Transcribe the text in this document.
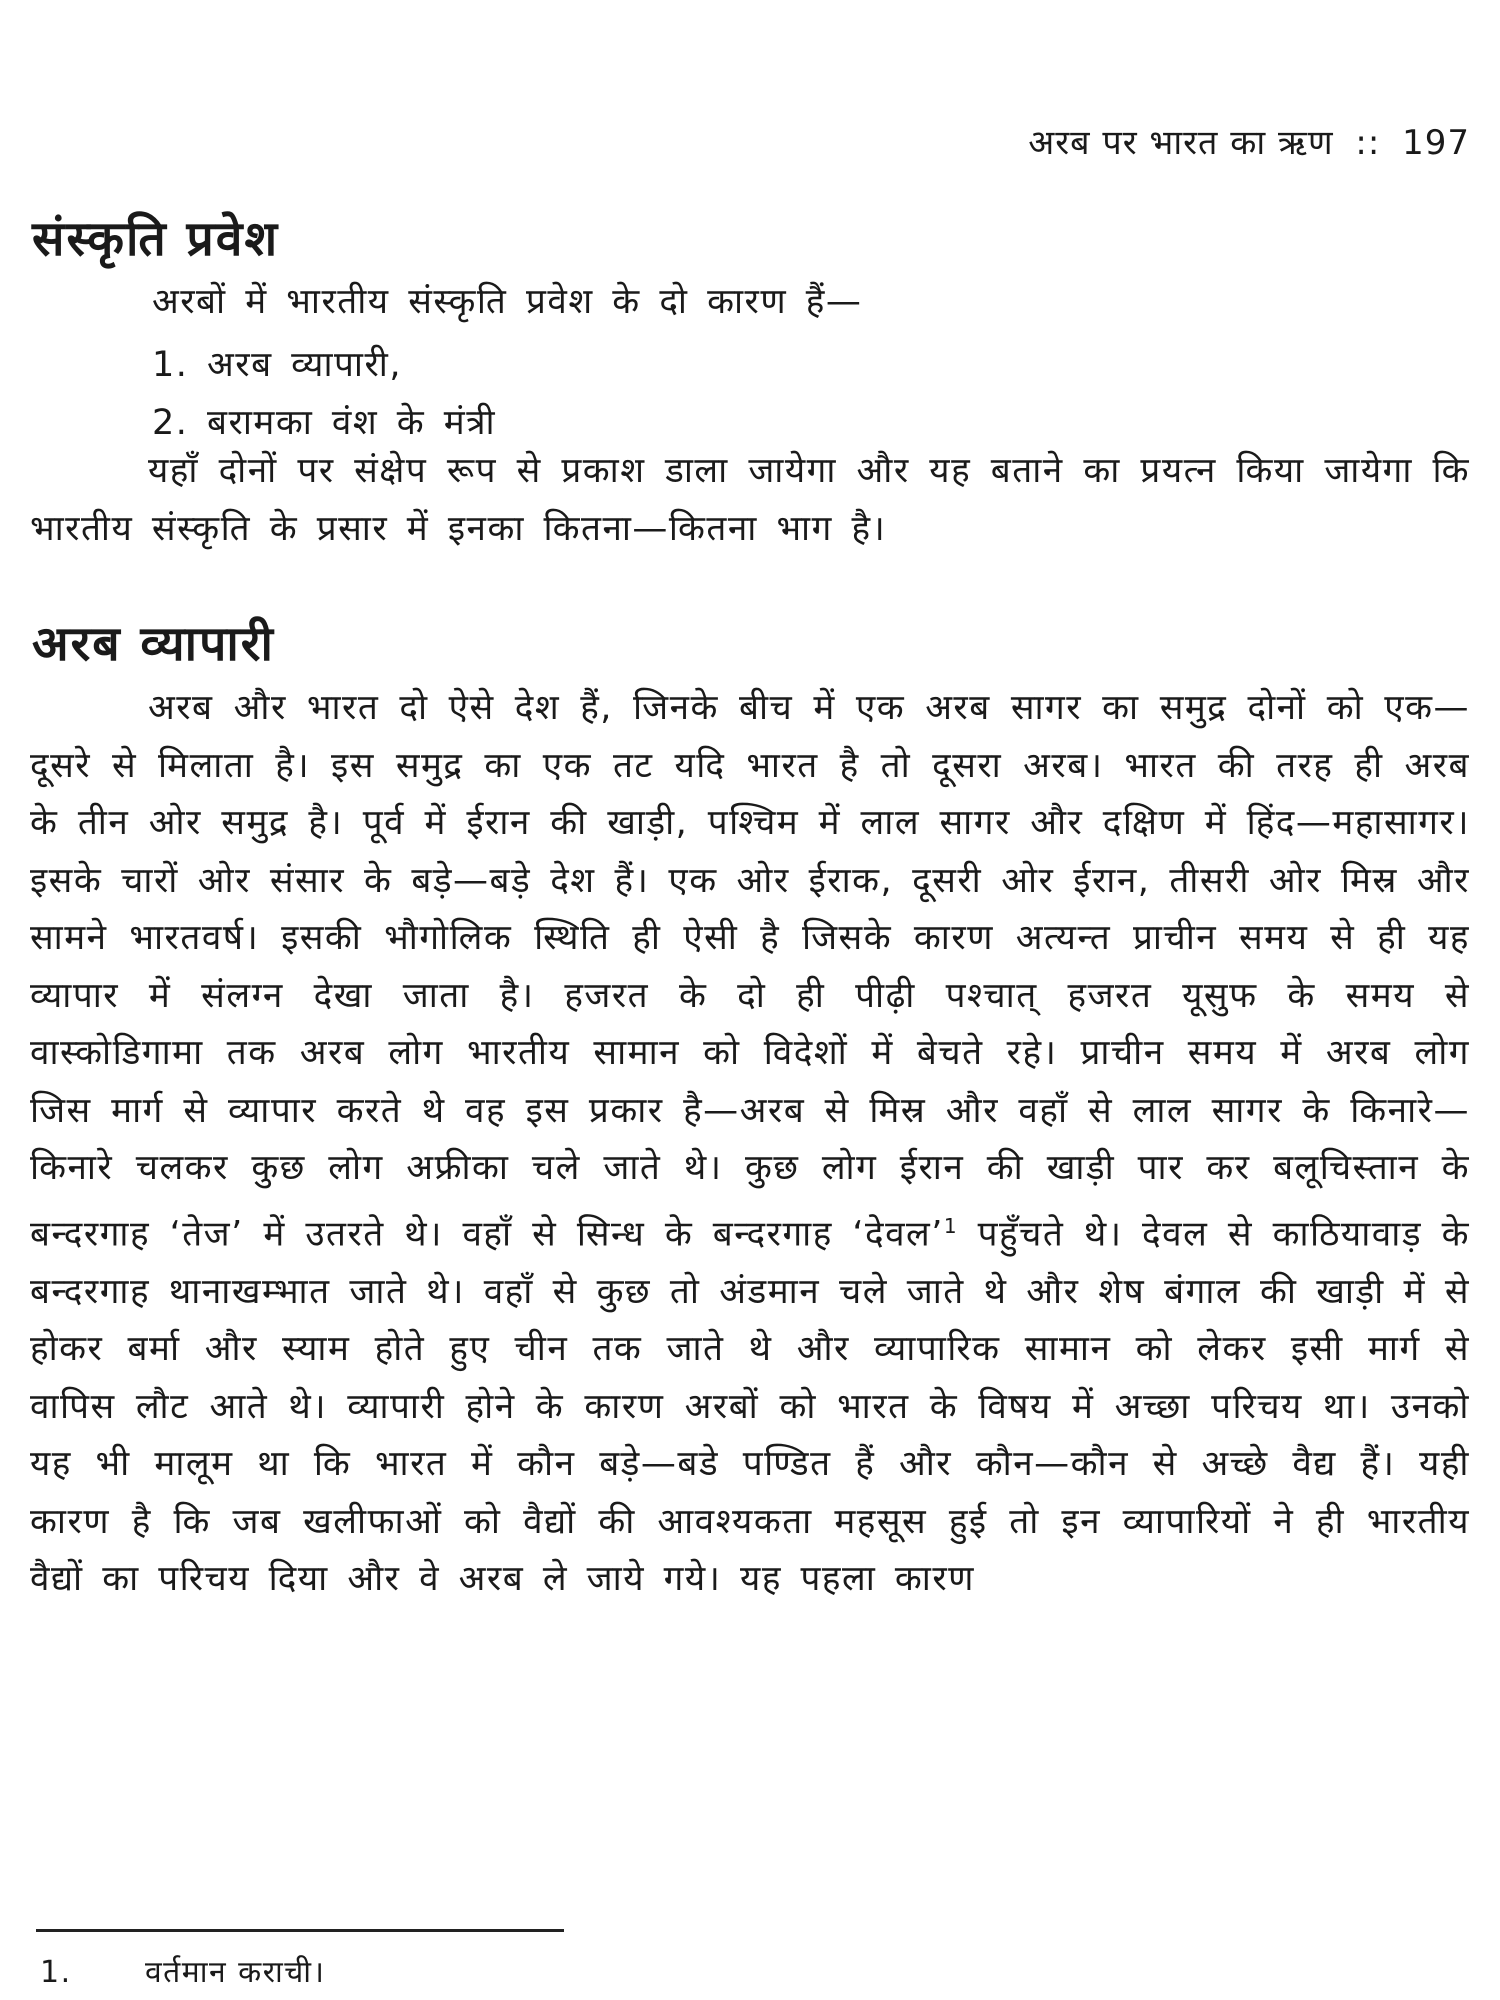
अरब पर भारत का ऋण :: 197
संस्कृति प्रवेश
अरबों में भारतीय संस्कृति प्रवेश के दो कारण हैं—
1. अरब व्यापारी,
2. बरामका वंश के मंत्री

यहाँ दोनों पर संक्षेप रूप से प्रकाश डाला जायेगा और यह बताने का प्रयत्न किया जायेगा कि भारतीय संस्कृति के प्रसार में इनका कितना—कितना भाग है।

अरब व्यापारी

अरब और भारत दो ऐसे देश हैं, जिनके बीच में एक अरब सागर का समुद्र दोनों को एक—दूसरे से मिलाता है। इस समुद्र का एक तट यदि भारत है तो दूसरा अरब। भारत की तरह ही अरब के तीन ओर समुद्र है। पूर्व में ईरान की खाड़ी, पश्चिम में लाल सागर और दक्षिण में हिंद—महासागर। इसके चारों ओर संसार के बड़े—बड़े देश हैं। एक ओर ईराक, दूसरी ओर ईरान, तीसरी ओर मिस्र और सामने भारतवर्ष। इसकी भौगोलिक स्थिति ही ऐसी है जिसके कारण अत्यन्त प्राचीन समय से ही यह व्यापार में संलग्न देखा जाता है। हजरत के दो ही पीढ़ी पश्चात् हजरत यूसुफ के समय से वास्कोडिगामा तक अरब लोग भारतीय सामान को विदेशों में बेचते रहे। प्राचीन समय में अरब लोग जिस मार्ग से व्यापार करते थे वह इस प्रकार है—अरब से मिस्र और वहाँ से लाल सागर के किनारे—किनारे चलकर कुछ लोग अफ्रीका चले जाते थे। कुछ लोग ईरान की खाड़ी पार कर बलूचिस्तान के बन्दरगाह ‘तेज’ में उतरते थे। वहाँ से सिन्ध के बन्दरगाह ‘देवल’$^1$ पहुँचते थे। देवल से काठियावाड़ के बन्दरगाह थानाखम्भात जाते थे। वहाँ से कुछ तो अंडमान चले जाते थे और शेष बंगाल की खाड़ी में से होकर बर्मा और स्याम होते हुए चीन तक जाते थे और व्यापारिक सामान को लेकर इसी मार्ग से वापिस लौट आते थे। व्यापारी होने के कारण अरबों को भारत के विषय में अच्छा परिचय था। उनको यह भी मालूम था कि भारत में कौन बड़े—बडे पण्डित हैं और कौन—कौन से अच्छे वैद्य हैं। यही कारण है कि जब खलीफाओं को वैद्यों की आवश्यकता महसूस हुई तो इन व्यापारियों ने ही भारतीय वैद्यों का परिचय दिया और वे अरब ले जाये गये। यह पहला कारण

1. वर्तमान कराची।
